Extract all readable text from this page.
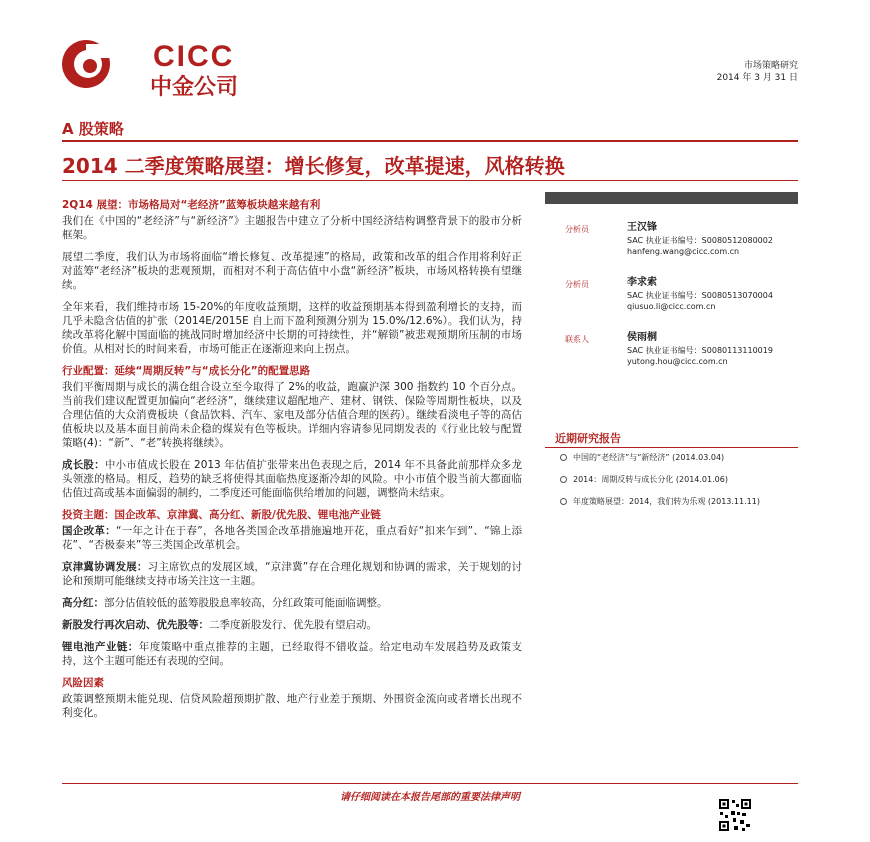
CICC
中金公司
市场策略研究
2014 年 3 月 31 日
A 股策略
2014 二季度策略展望：增长修复，改革提速，风格转换
2Q14 展望：市场格局对“老经济”蓝筹板块越来越有利

我们在《中国的“老经济”与“新经济”》主题报告中建立了分析中国经济结构调整背景下的股市分析框架。

展望二季度，我们认为市场将面临“增长修复、改革提速”的格局，政策和改革的组合作用将利好正对蓝筹“老经济”板块的悲观预期，而相对不利于高估值中小盘“新经济”板块，市场风格转换有望继续。

全年来看，我们维持市场 15-20%的年度收益预期，这样的收益预期基本得到盈利增长的支持，而几乎未隐含估值的扩张（2014E/2015E 自上而下盈利预测分别为 15.0%/12.6%）。我们认为，持续改革将化解中国面临的挑战同时增加经济中长期的可持续性，并“解锁”被悲观预期所压制的市场价值。从相对长的时间来看，市场可能正在逐渐迎来向上拐点。

行业配置：延续“周期反转”与“成长分化”的配置思路

我们平衡周期与成长的满仓组合设立至今取得了 2%的收益，跑赢沪深 300 指数约 10 个百分点。当前我们建议配置更加偏向“老经济”，继续建议超配地产、建材、钢铁、保险等周期性板块，以及合理估值的大众消费板块（食品饮料、汽车、家电及部分估值合理的医药）。继续看淡电子等的高估值板块以及基本面目前尚未企稳的煤炭有色等板块。详细内容请参见同期发表的《行业比较与配置策略(4)：“新”、“老”转换将继续》。

成长股：中小市值成长股在 2013 年估值扩张带来出色表现之后，2014 年不具备此前那样众多龙头领涨的格局。相反，趋势的缺乏将使得其面临热度逐渐冷却的风险。中小市值个股当前大都面临估值过高或基本面偏弱的制约，二季度还可能面临供给增加的问题，调整尚未结束。

投资主题：国企改革、京津冀、高分红、新股/优先股、锂电池产业链

国企改革：“一年之计在于春”，各地各类国企改革措施遍地开花，重点看好“扣来乍到”、“锦上添花”、“否极泰来”等三类国企改革机会。

京津冀协调发展：习主席钦点的发展区域，“京津冀”存在合理化规划和协调的需求，关于规划的讨论和预期可能继续支持市场关注这一主题。

高分红：部分估值较低的蓝筹股股息率较高，分红政策可能面临调整。

新股发行再次启动、优先股等：二季度新股发行、优先股有望启动。

锂电池产业链：年度策略中重点推荐的主题，已经取得不错收益。给定电动车发展趋势及政策支持，这个主题可能还有表现的空间。

风险因素

政策调整预期未能兑现、信贷风险超预期扩散、地产行业差于预期、外围资金流向或者增长出现不利变化。

分析员	王汉锋
SAC 执业证书编号：S0080512080002
hanfeng.wang@cicc.com.cn
分析员	李求索
SAC 执业证书编号：S0080513070004
qiusuo.li@cicc.com.cn
联系人	侯雨桐
SAC 执业证书编号：S0080113110019
yutong.hou@cicc.com.cn
近期研究报告
中国的“老经济”与“新经济” (2014.03.04)
2014：周期反转与成长分化 (2014.01.06)
年度策略展望：2014，我们转为乐观 (2013.11.11)
请仔细阅读在本报告尾部的重要法律声明
